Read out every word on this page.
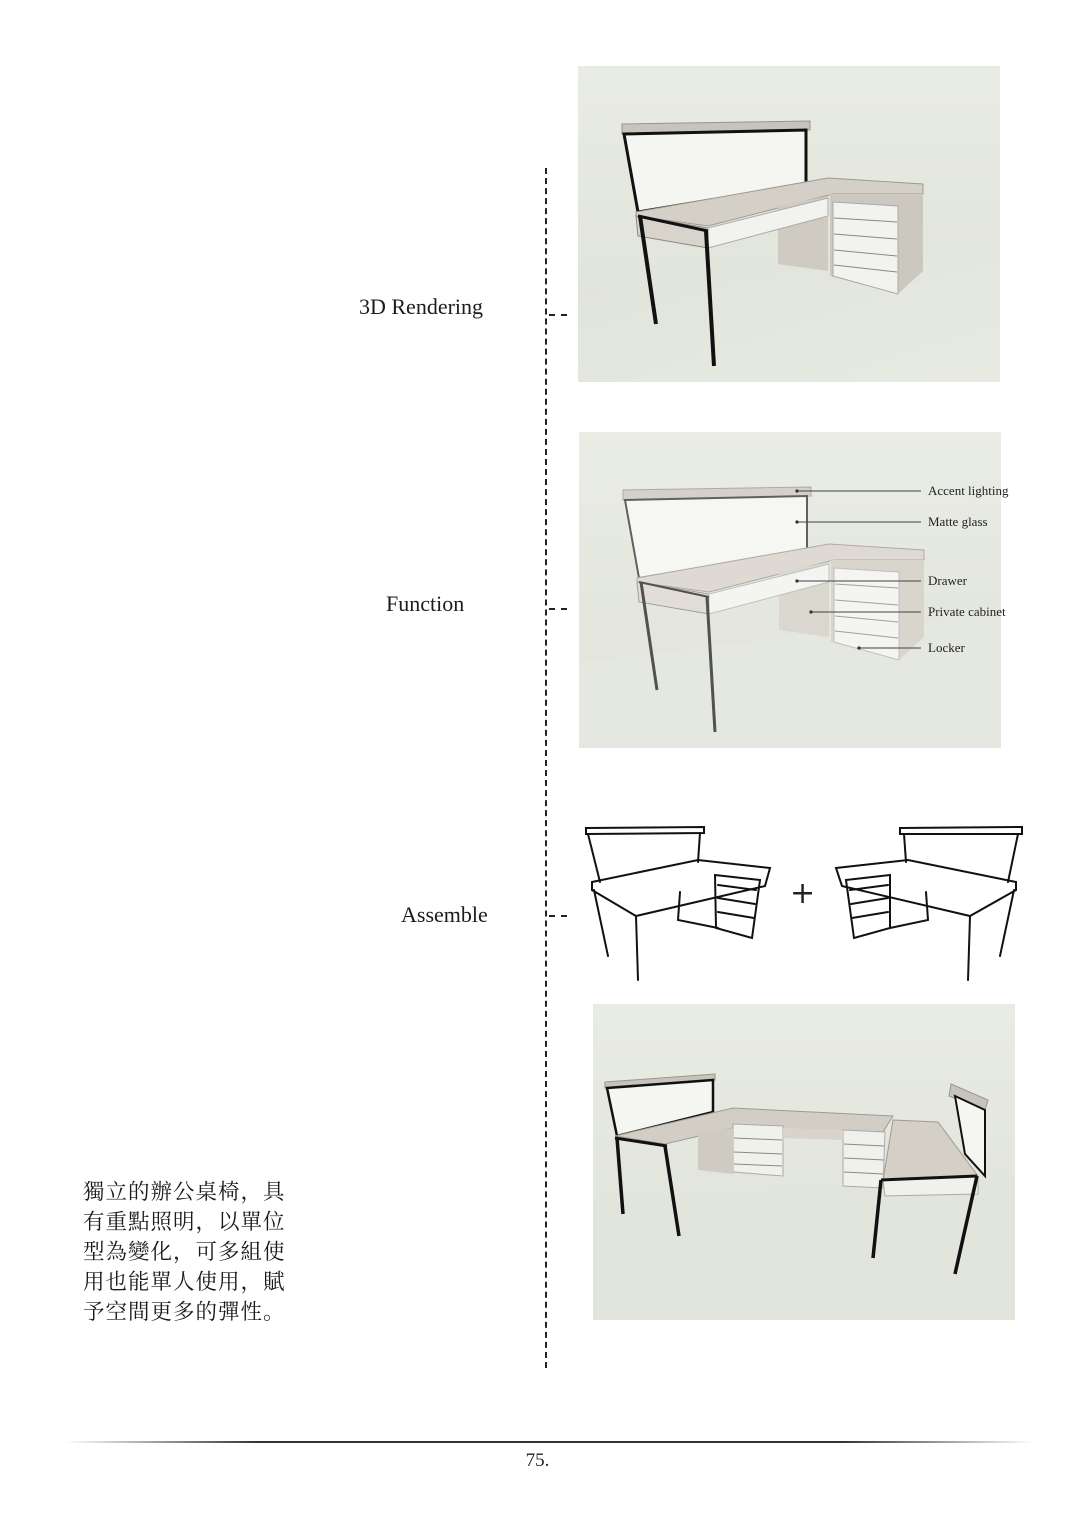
3D Rendering
Function
Assemble
Accent lighting
Matte glass
Drawer
Private cabinet
Locker
+
獨立的辦公桌椅，具
有重點照明，以單位
型為變化，可多組使
用也能單人使用，賦
予空間更多的彈性。
75.
